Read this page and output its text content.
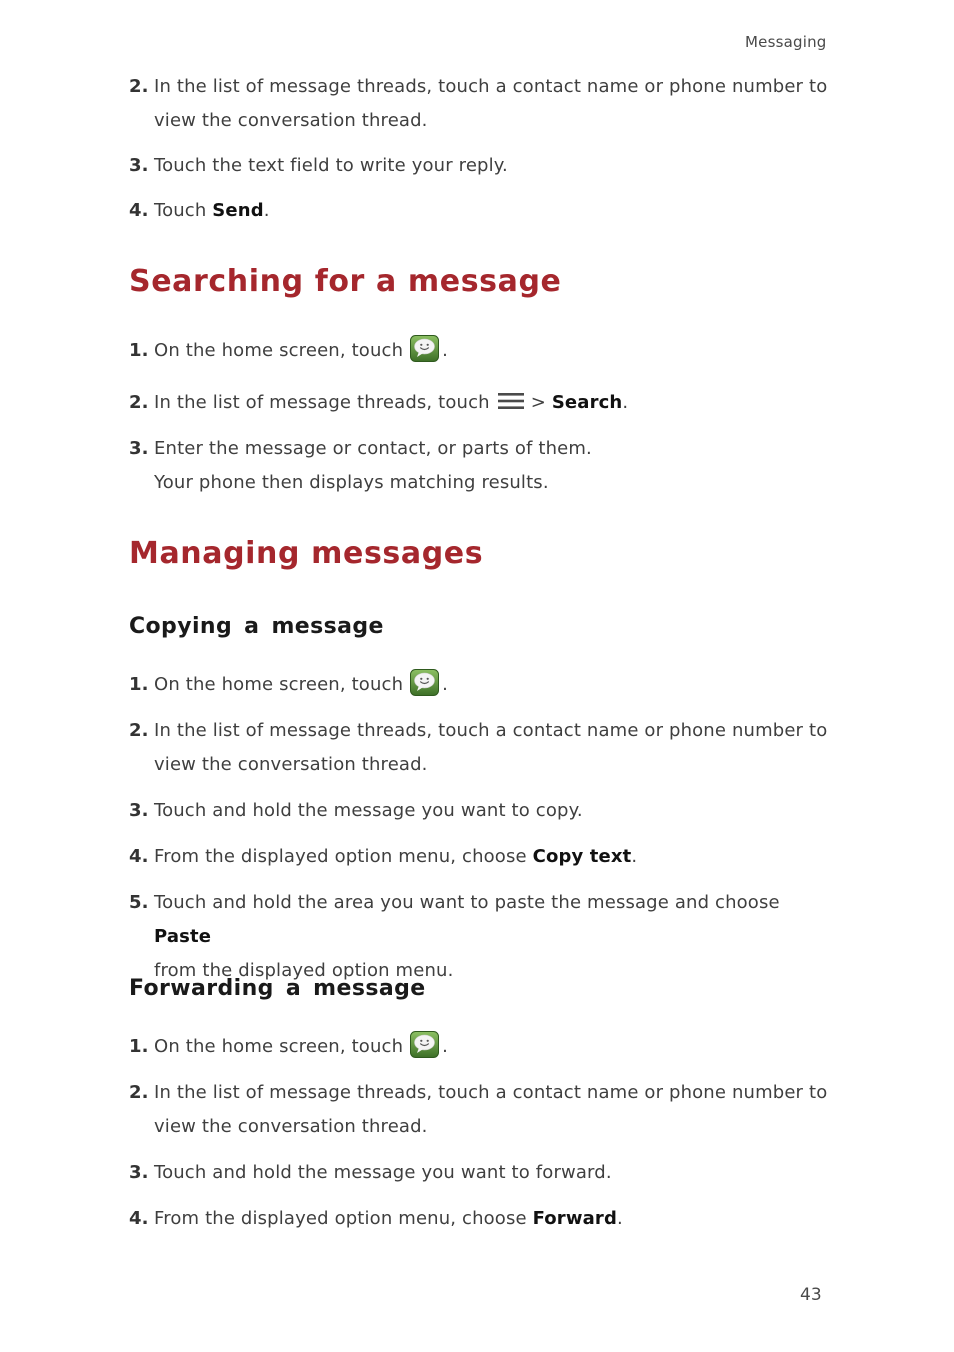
Messaging
2. In the list of message threads, touch a contact name or phone number to
view the conversation thread.
3. Touch the text field to write your reply.
4. Touch Send.
Searching for a message
1. On the home screen, touch .
2. In the list of message threads, touch > Search.
3. Enter the message or contact, or parts of them.
Your phone then displays matching results.
Managing messages
Copying a message
1. On the home screen, touch .
2. In the list of message threads, touch a contact name or phone number to
view the conversation thread.
3. Touch and hold the message you want to copy.
4. From the displayed option menu, choose Copy text.
5. Touch and hold the area you want to paste the message and choose Paste
from the displayed option menu.
Forwarding a message
1. On the home screen, touch .
2. In the list of message threads, touch a contact name or phone number to
view the conversation thread.
3. Touch and hold the message you want to forward.
4. From the displayed option menu, choose Forward.
43
